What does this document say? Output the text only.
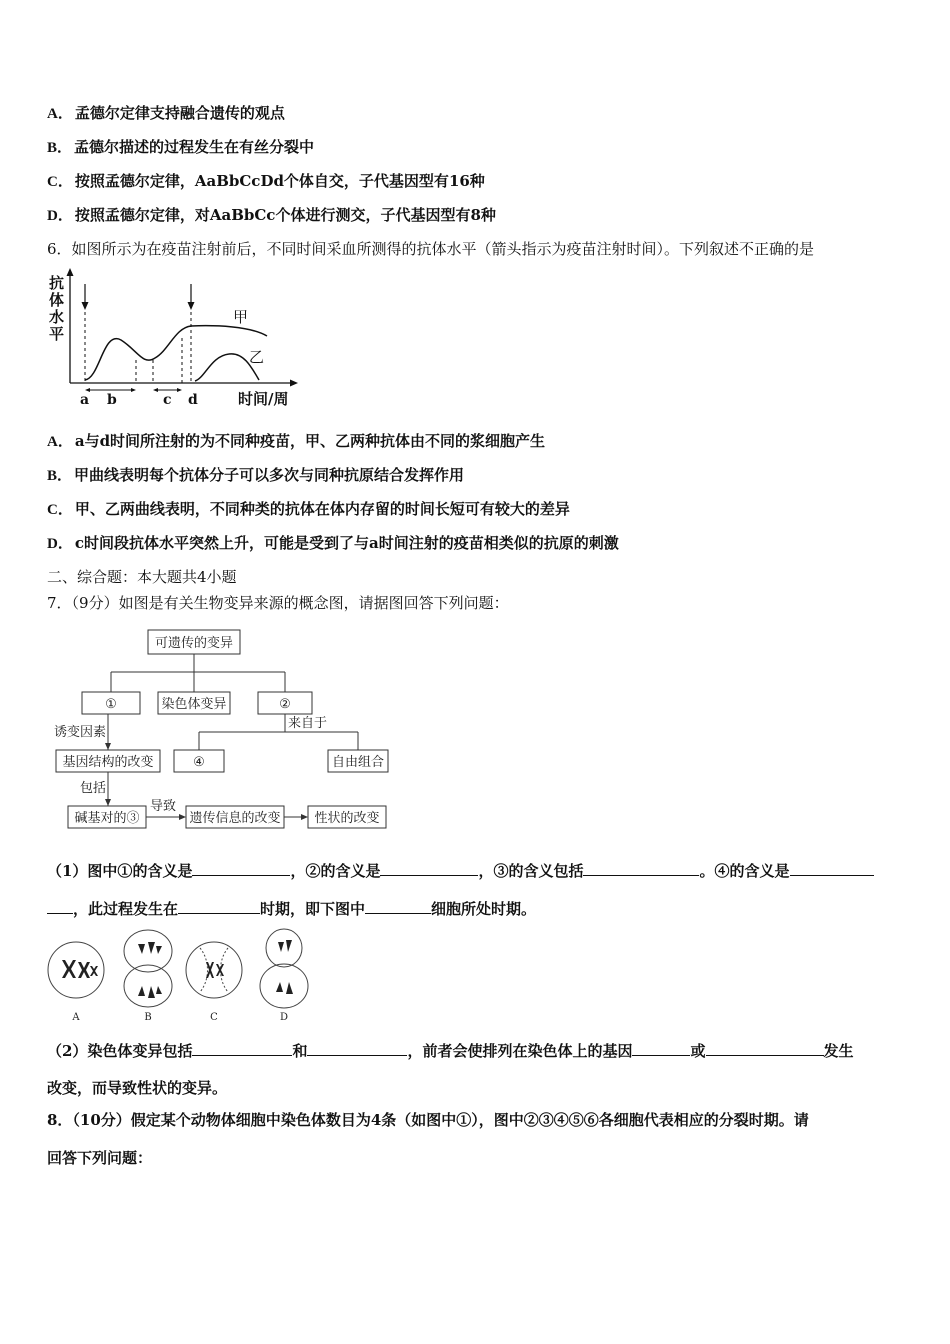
A． 孟德尔定律支持融合遗传的观点
B． 孟德尔描述的过程发生在有丝分裂中
C． 按照孟德尔定律，AaBbCcDd个体自交，子代基因型有16种
D． 按照孟德尔定律，对AaBbCc个体进行测交，子代基因型有8种
6．如图所示为在疫苗注射前后，不同时间采血所测得的抗体水平（箭头指示为疫苗注射时间）。下列叙述不正确的是
抗
体
水
平
甲
乙
a b	c d	时间/周
A． a与d时间所注射的为不同种疫苗，甲、乙两种抗体由不同的浆细胞产生
B． 甲曲线表明每个抗体分子可以多次与同种抗原结合发挥作用
C． 甲、乙两曲线表明，不同种类的抗体在体内存留的时间长短可有较大的差异
D． c时间段抗体水平突然上升，可能是受到了与a时间注射的疫苗相类似的抗原的刺激
二、综合题：本大题共4小题
7．（9分）如图是有关生物变异来源的概念图，请据图回答下列问题：
可遗传的变异
①	染色体变异	②
④	自由组合
基因结构的改变
碱基对的③	遗传信息的改变	性状的改变
来自于
诱变因素
包括
导致
（1）图中①的含义是	，②的含义是	，③的含义包括	。④的含义是
，此过程发生在	时期，即下图中	细胞所处时期。
A	B	C	D
（2）染色体变异包括	和	，前者会使排列在染色体上的基因	或	发生
改变，而导致性状的变异。
8．（10分）假定某个动物体细胞中染色体数目为4条（如图中①），图中②③④⑤⑥各细胞代表相应的分裂时期。请
回答下列问题：
